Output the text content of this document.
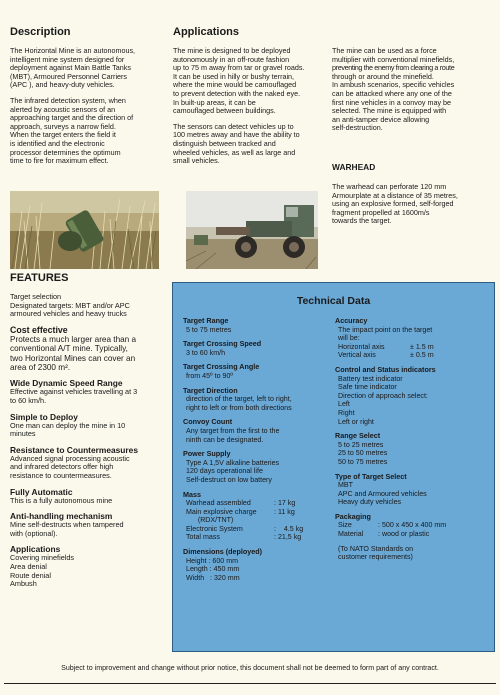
Description
The Horizontal Mine is an autonomous,
intelligent mine system designed for
deployment against Main Battle Tanks
(MBT), Armoured Personnel Carriers
(APC ), and heavy-duty vehicles.
The infrared detection system, when
alerted by acoustic sensors of an
approaching target and the direction of
approach, surveys a narrow field.
When the target enters the field it
is identified and the electronic
processor determines the optimum
time to fire for maximum effect.
Applications
The mine is designed to be deployed
autonomously in an off-route fashion
up to 75 m away from tar or gravel roads.
It can be used in hilly or bushy terrain,
where the mine would be camouflaged
to prevent detection with the naked eye.
In built-up areas, it can be
camouflaged between buildings.
The sensors can detect vehicles up to
100 metres away and have the ability to
distinguish between tracked and
wheeled vehicles, as well as large and
small vehicles.
The mine can be used as a force
multiplier with conventional minefields,
preventing the enemy from clearing a route
through or around the minefield.
In ambush scenarios, specific vehicles
can be attacked where any one of the
first nine vehicles in a convoy may be
selected. The mine is equipped with
an anti-tamper device allowing
self-destruction.
WARHEAD
The warhead can perforate 120 mm
Armourplate at a distance of 35 metres,
using an explosive formed, self-forged
fragment propelled at 1600m/s
towards the target.
FEATURES
Target selection
Designated targets: MBT and/or APC
armoured vehicles and heavy trucks
Cost effective
Protects a much larger area than a
conventional A/T mine. Typically,
two Horizontal Mines can cover an
area of 2300 m².
Wide Dynamic Speed Range
Effective against vehicles travelling at 3
to 60 km/h.
Simple to Deploy
One man can deploy the mine in 10
minutes
Resistance to Countermeasures
Advanced signal processing acoustic
and infrared detectors offer high
resistance to countermeasures.
Fully Automatic
This is a fully autonomous mine
Anti-handling mechanism
Mine self-destructs when tampered
with (optional).
Applications
Covering minefields
Area denial
Route denial
Ambush
Technical Data
Target Range
5 to 75 metres
Target Crossing Speed
3 to 60 km/h
Target Crossing Angle
from 45º to 90º
Target Direction
direction of the target, left to right,
right to left or from both directions
Convoy Count
Any target from the first to the
ninth can be designated.
Power Supply
Type A 1,5V alkaline batteries
120 days operational life
Self-destruct on low battery
Mass
Warhead assembled	: 17 kg
Main explosive charge	: 11 kg
(RDX/TNT)
Electronic System	:    4.5 kg
Total mass	: 21,5 kg
Dimensions (deployed)
Height : 600 mm
Length : 450 mm
Width   : 320 mm
Accuracy
The impact point on the target
will be:
Horizontal axis	± 1.5 m
Vertical axis	± 0.5 m
Control and Status indicators
Battery test indicator
Safe time indicator
Direction of approach select:
Left
Right
Left or right
Range Select
5 to 25 metres
25 to 50 metres
50 to 75 metres
Type of Target Select
MBT
APC and Armoured vehicles
Heavy duty vehicles
Packaging
Size	: 500 x 450 x 400 mm
Material	: wood or plastic
(To NATO Standards on
customer requirements)
Subject to improvement and change without prior notice, this document shall not be deemed to form part of any contract.
